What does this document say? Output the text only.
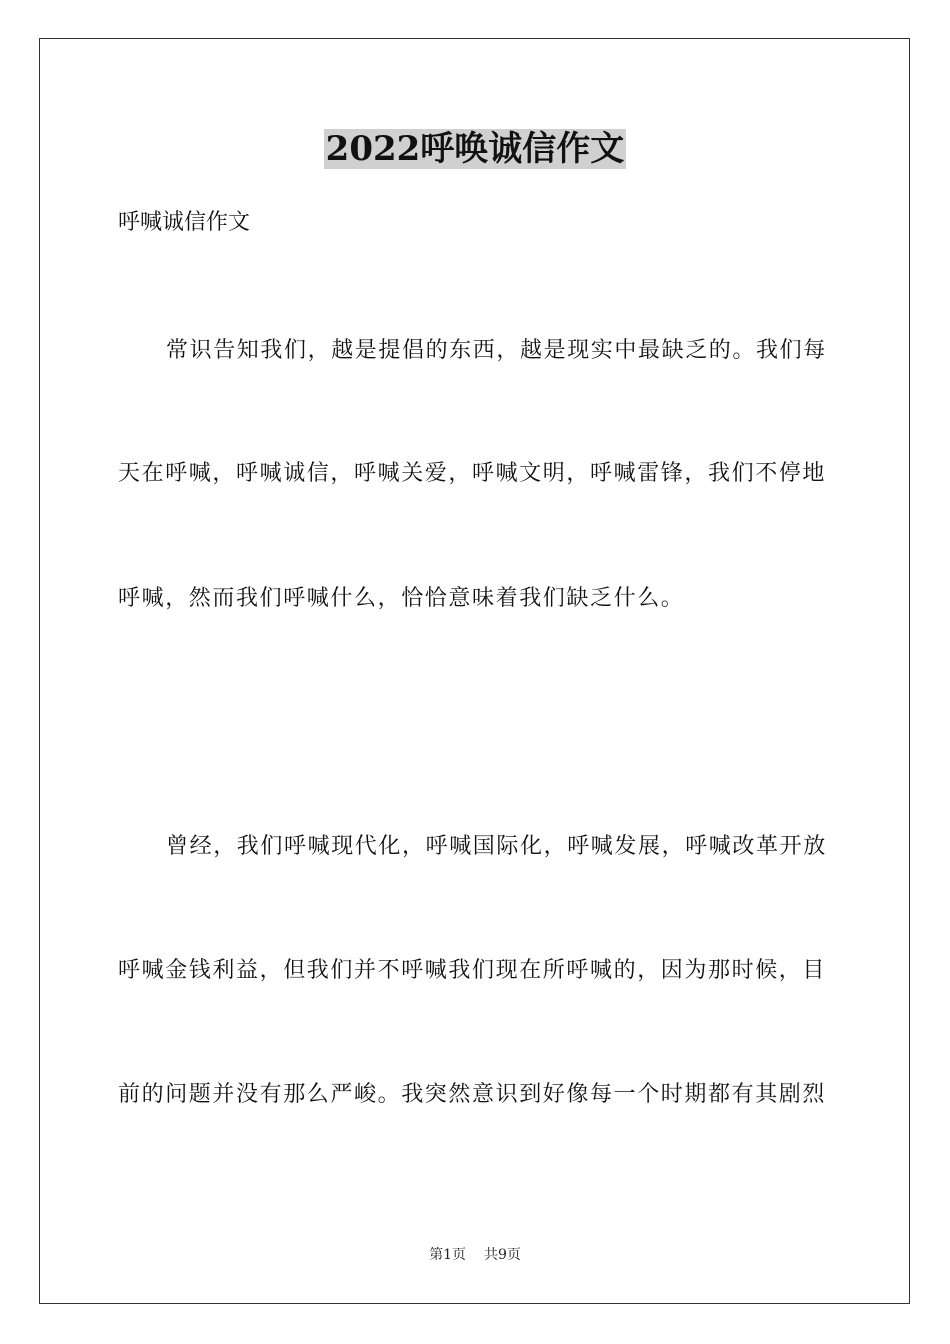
2022呼唤诚信作文
呼喊诚信作文
常识告知我们，越是提倡的东西，越是现实中最缺乏的。我们每
天在呼喊，呼喊诚信，呼喊关爱，呼喊文明，呼喊雷锋，我们不停地
呼喊，然而我们呼喊什么，恰恰意味着我们缺乏什么。
曾经，我们呼喊现代化，呼喊国际化，呼喊发展，呼喊改革开放
呼喊金钱利益，但我们并不呼喊我们现在所呼喊的，因为那时候，目
前的问题并没有那么严峻。我突然意识到好像每一个时期都有其剧烈
第1页 共9页
